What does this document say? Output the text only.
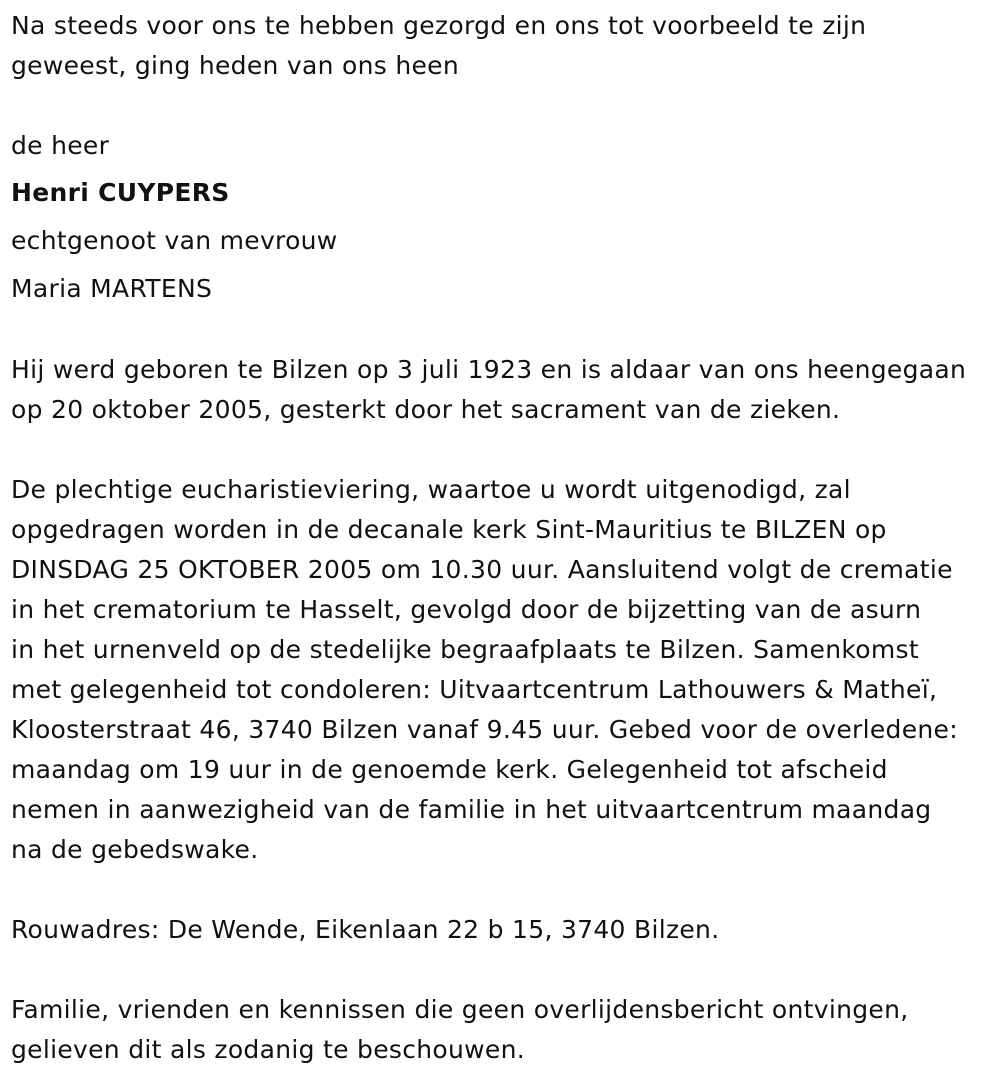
Na steeds voor ons te hebben gezorgd en ons tot voorbeeld te zijn
geweest, ging heden van ons heen
de heer
Henri CUYPERS
echtgenoot van mevrouw
Maria MARTENS
Hij werd geboren te Bilzen op 3 juli 1923 en is aldaar van ons heengegaan
op 20 oktober 2005, gesterkt door het sacrament van de zieken.
De plechtige eucharistieviering, waartoe u wordt uitgenodigd, zal
opgedragen worden in de decanale kerk Sint-Mauritius te BILZEN op
DINSDAG 25 OKTOBER 2005 om 10.30 uur. Aansluitend volgt de crematie
in het crematorium te Hasselt, gevolgd door de bijzetting van de asurn
in het urnenveld op de stedelijke begraafplaats te Bilzen. Samenkomst
met gelegenheid tot condoleren: Uitvaartcentrum Lathouwers & Matheï,
Kloosterstraat 46, 3740 Bilzen vanaf 9.45 uur. Gebed voor de overledene:
maandag om 19 uur in de genoemde kerk. Gelegenheid tot afscheid
nemen in aanwezigheid van de familie in het uitvaartcentrum maandag
na de gebedswake.
Rouwadres: De Wende, Eikenlaan 22 b 15, 3740 Bilzen.
Familie, vrienden en kennissen die geen overlijdensbericht ontvingen,
gelieven dit als zodanig te beschouwen.
